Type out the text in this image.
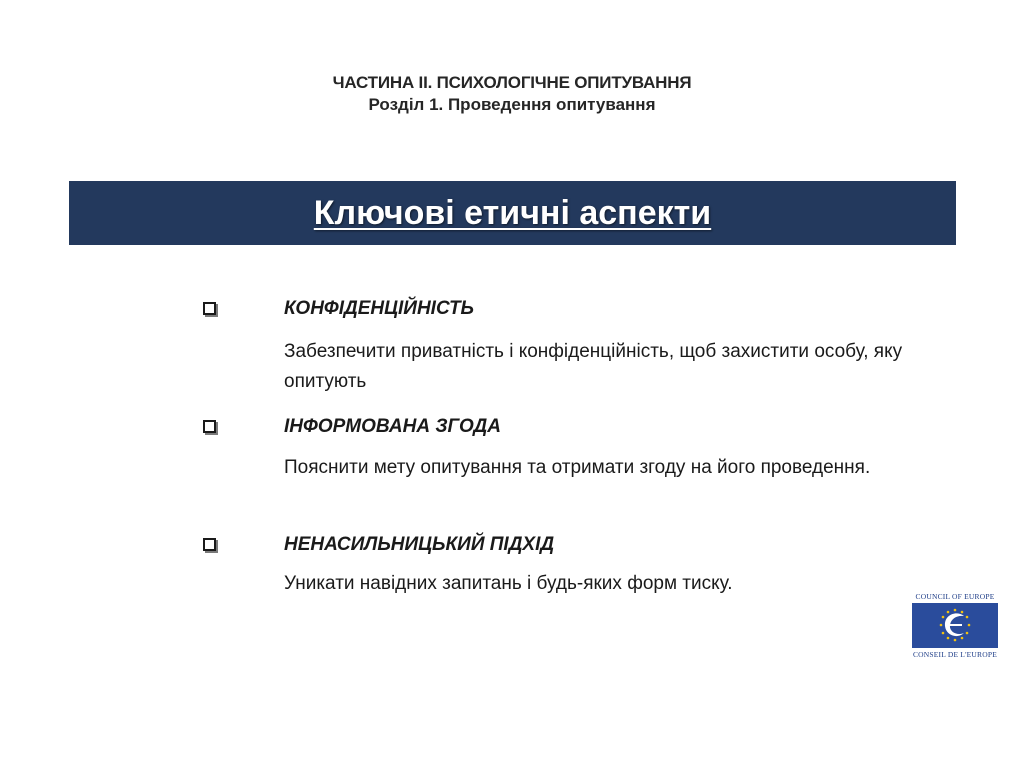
ЧАСТИНА ІІ. ПСИХОЛОГІЧНЕ ОПИТУВАННЯ
Розділ 1. Проведення опитування
Ключові етичні аспекти
КОНФІДЕНЦІЙНІСТЬ
Забезпечити приватність і конфіденційність, щоб захистити особу, яку опитують
ІНФОРМОВАНА ЗГОДА
Пояснити мету опитування та отримати згоду на його проведення.
НЕНАСИЛЬНИЦЬКИЙ ПІДХІД
Уникати навідних запитань і будь-яких форм тиску.
COUNCIL OF EUROPE
CONSEIL DE L'EUROPE
